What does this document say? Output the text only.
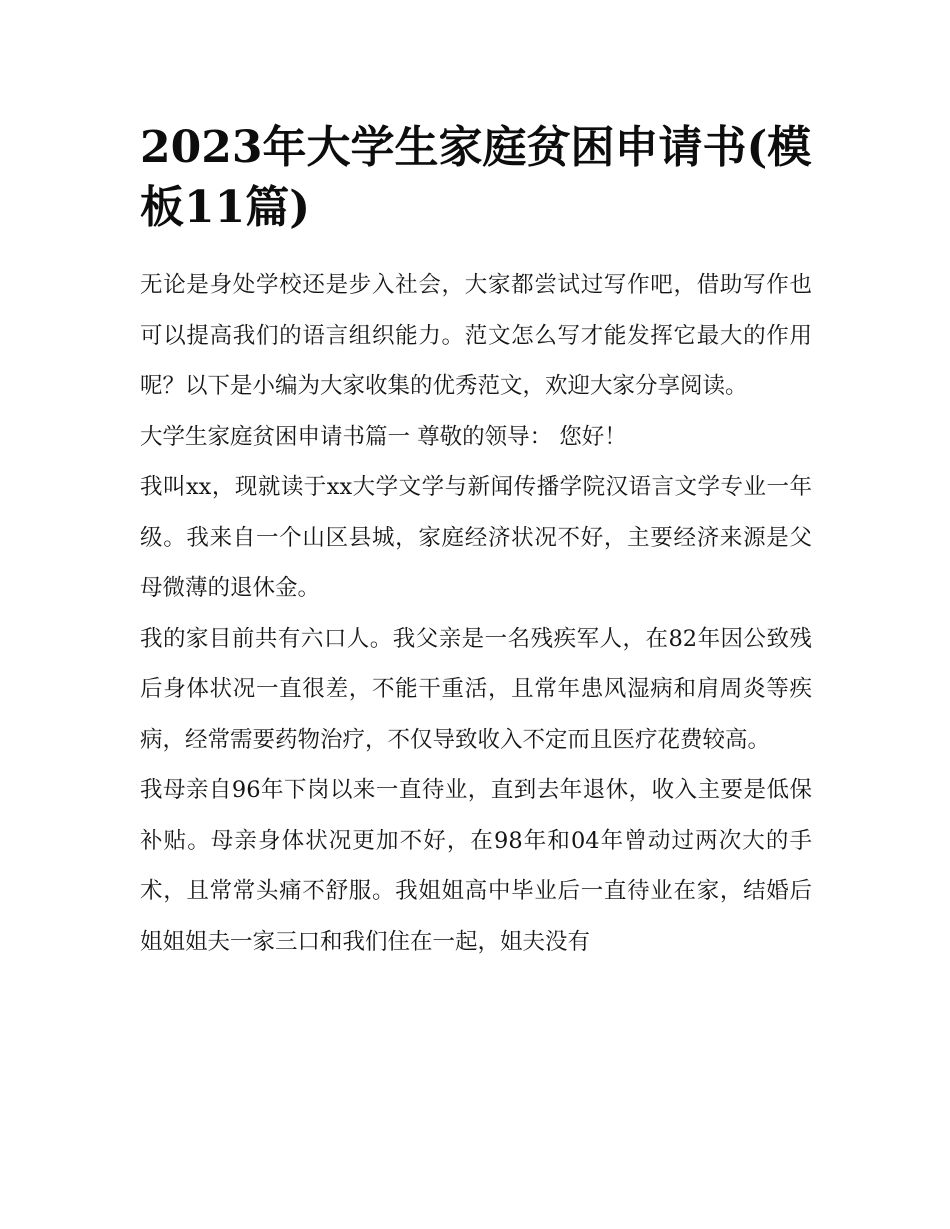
2023年大学生家庭贫困申请书(模板11篇)

无论是身处学校还是步入社会，大家都尝试过写作吧，借助写作也可以提高我们的语言组织能力。范文怎么写才能发挥它最大的作用呢？以下是小编为大家收集的优秀范文，欢迎大家分享阅读。

大学生家庭贫困申请书篇一 尊敬的领导： 您好！

我叫xx，现就读于xx大学文学与新闻传播学院汉语言文学专业一年级。我来自一个山区县城，家庭经济状况不好，主要经济来源是父母微薄的退休金。

我的家目前共有六口人。我父亲是一名残疾军人，在82年因公致残后身体状况一直很差，不能干重活，且常年患风湿病和肩周炎等疾病，经常需要药物治疗，不仅导致收入不定而且医疗花费较高。

我母亲自96年下岗以来一直待业，直到去年退休，收入主要是低保补贴。母亲身体状况更加不好，在98年和04年曾动过两次大的手术，且常常头痛不舒服。我姐姐高中毕业后一直待业在家，结婚后姐姐姐夫一家三口和我们住在一起，姐夫没有
